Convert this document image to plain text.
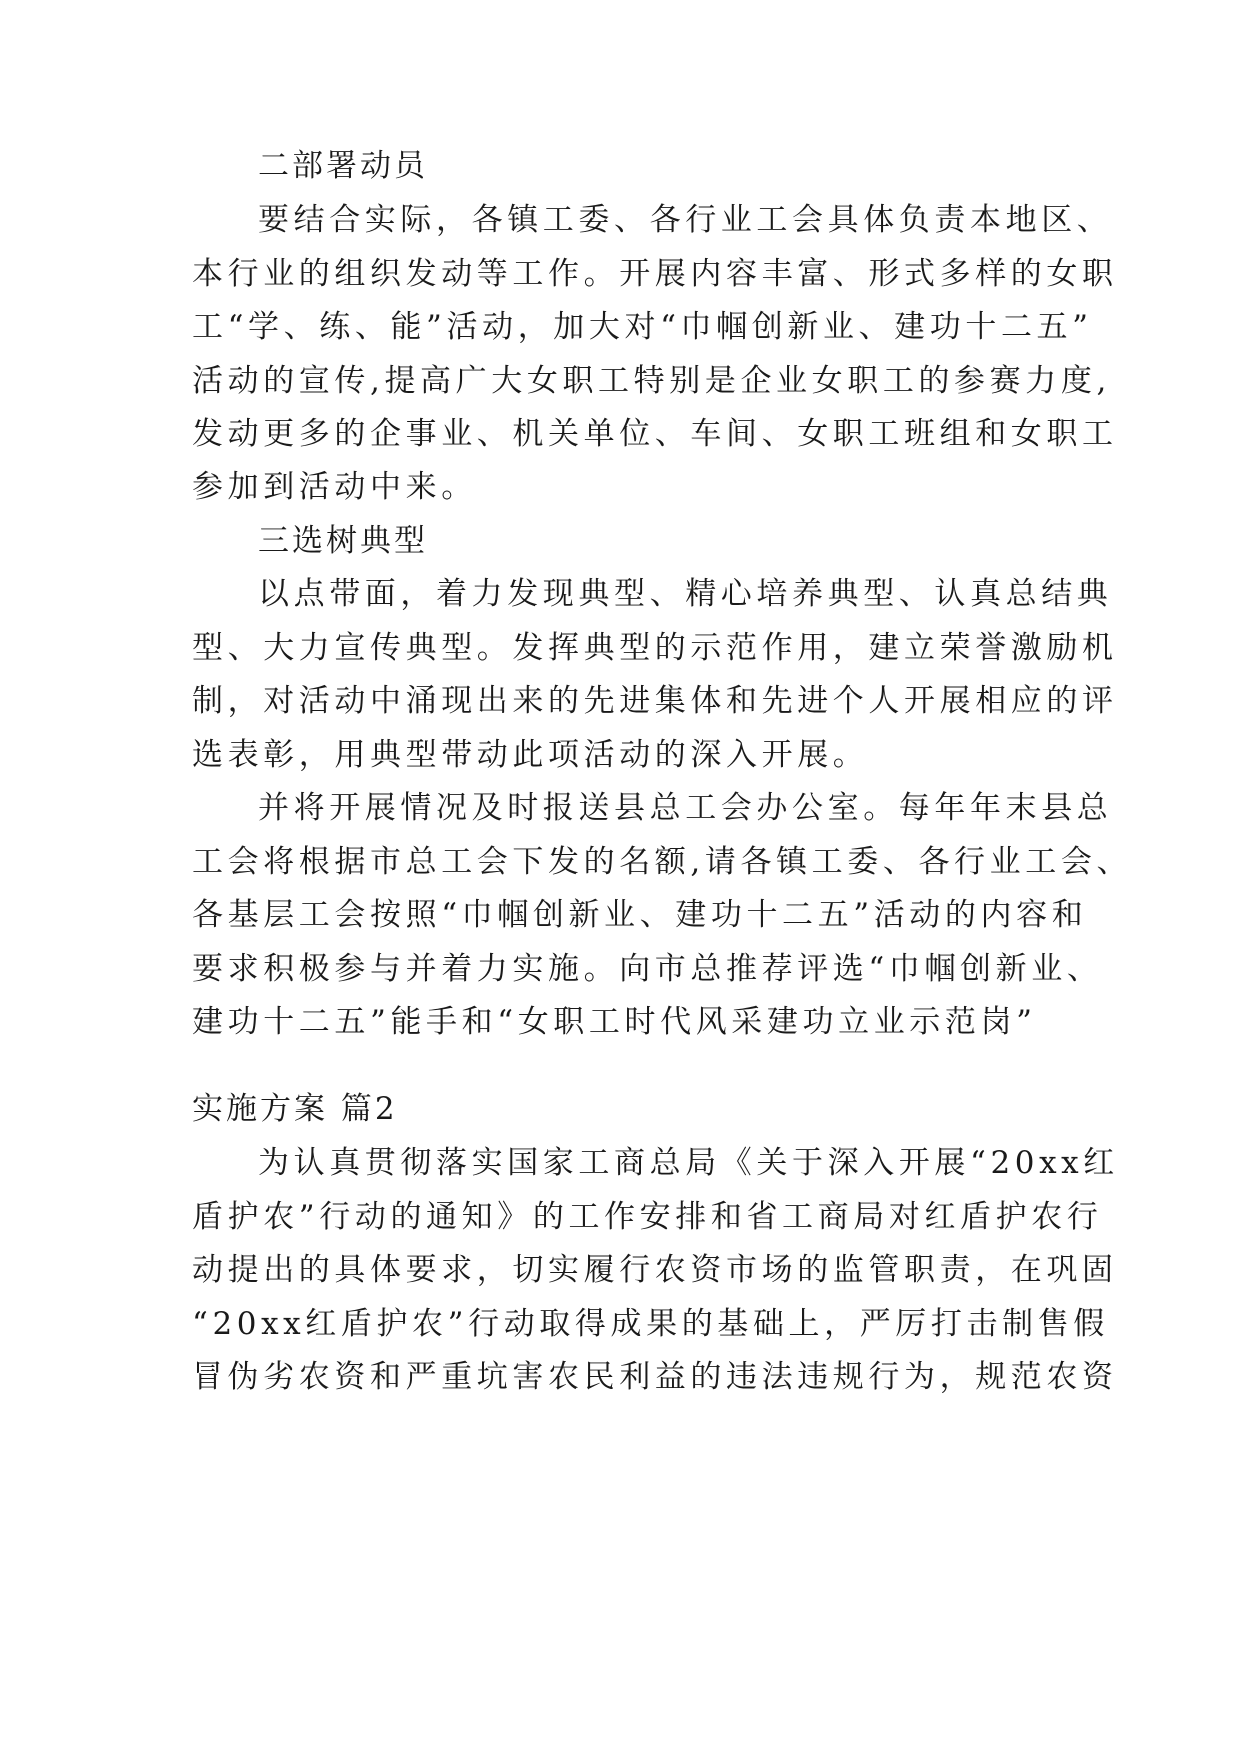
二部署动员
要结合实际，各镇工委、各行业工会具体负责本地区、
本行业的组织发动等工作。开展内容丰富、形式多样的女职
工“学、练、能”活动，加大对“巾帼创新业、建功十二五”
活动的宣传,提高广大女职工特别是企业女职工的参赛力度,
发动更多的企事业、机关单位、车间、女职工班组和女职工
参加到活动中来。
三选树典型
以点带面，着力发现典型、精心培养典型、认真总结典
型、大力宣传典型。发挥典型的示范作用，建立荣誉激励机
制，对活动中涌现出来的先进集体和先进个人开展相应的评
选表彰，用典型带动此项活动的深入开展。
并将开展情况及时报送县总工会办公室。每年年末县总
工会将根据市总工会下发的名额,请各镇工委、各行业工会、
各基层工会按照“巾帼创新业、建功十二五”活动的内容和
要求积极参与并着力实施。向市总推荐评选“巾帼创新业、
建功十二五”能手和“女职工时代风采建功立业示范岗”
实施方案 篇2
为认真贯彻落实国家工商总局《关于深入开展“20xx红
盾护农”行动的通知》的工作安排和省工商局对红盾护农行
动提出的具体要求，切实履行农资市场的监管职责，在巩固
“20xx红盾护农”行动取得成果的基础上，严厉打击制售假
冒伪劣农资和严重坑害农民利益的违法违规行为，规范农资
